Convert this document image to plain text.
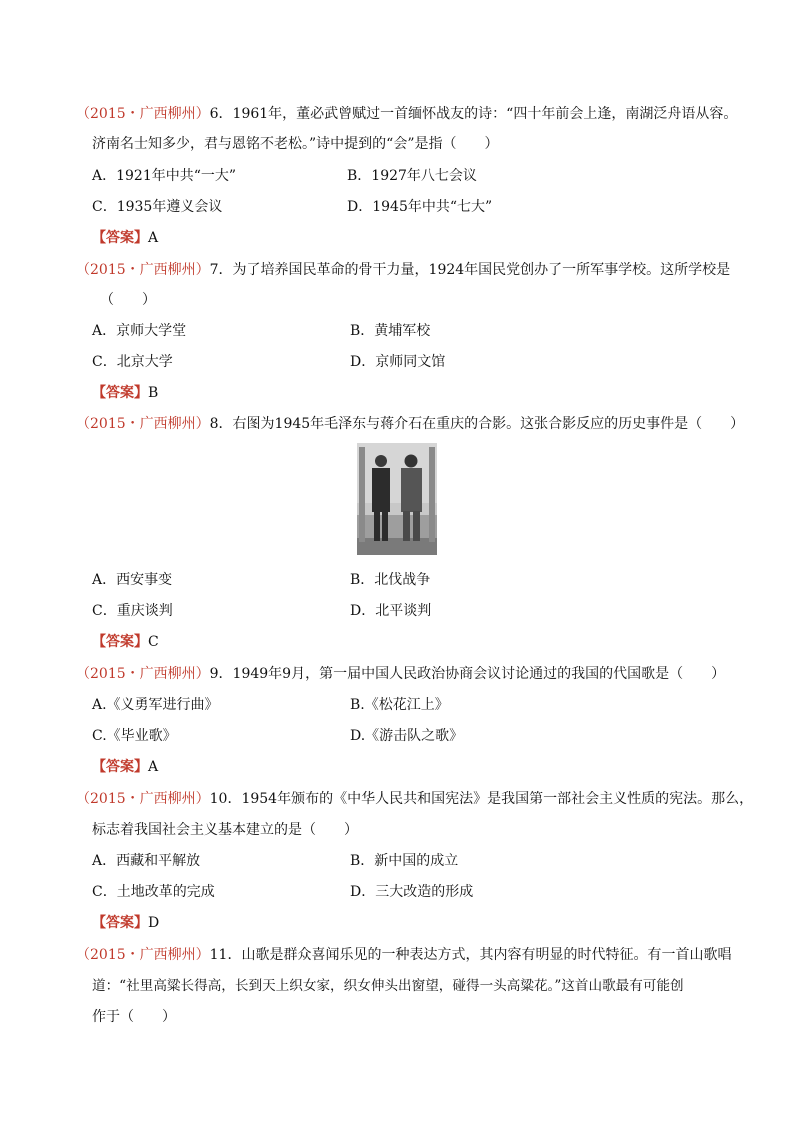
（2015・广西柳州）6．1961年，董必武曾赋过一首缅怀战友的诗：“四十年前会上逢，南湖泛舟语从容。
济南名士知多少，君与恩铭不老松。”诗中提到的“会”是指（　　）
A．1921年中共“一大”	B．1927年八七会议
C．1935年遵义会议	D．1945年中共“七大”
【答案】A
（2015・广西柳州）7．为了培养国民革命的骨干力量，1924年国民党创办了一所军事学校。这所学校是
（　　）
A．京师大学堂	B．黄埔军校
C．北京大学	D．京师同文馆
【答案】B
（2015・广西柳州）8．右图为1945年毛泽东与蒋介石在重庆的合影。这张合影反应的历史事件是（　　）
A．西安事变	B．北伐战争
C．重庆谈判	D．北平谈判
【答案】C
（2015・广西柳州）9．1949年9月，第一届中国人民政治协商会议讨论通过的我国的代国歌是（　　）
A.《义勇军进行曲》	B.《松花江上》
C.《毕业歌》	D.《游击队之歌》
【答案】A
（2015・广西柳州）10．1954年颁布的《中华人民共和国宪法》是我国第一部社会主义性质的宪法。那么，
标志着我国社会主义基本建立的是（　　）
A．西藏和平解放	B．新中国的成立
C．土地改革的完成	D．三大改造的形成
【答案】D
（2015・广西柳州）11．山歌是群众喜闻乐见的一种表达方式，其内容有明显的时代特征。有一首山歌唱
道：“社里高粱长得高，长到天上织女家，织女伸头出窗望，碰得一头高粱花。”这首山歌最有可能创
作于（　　）
